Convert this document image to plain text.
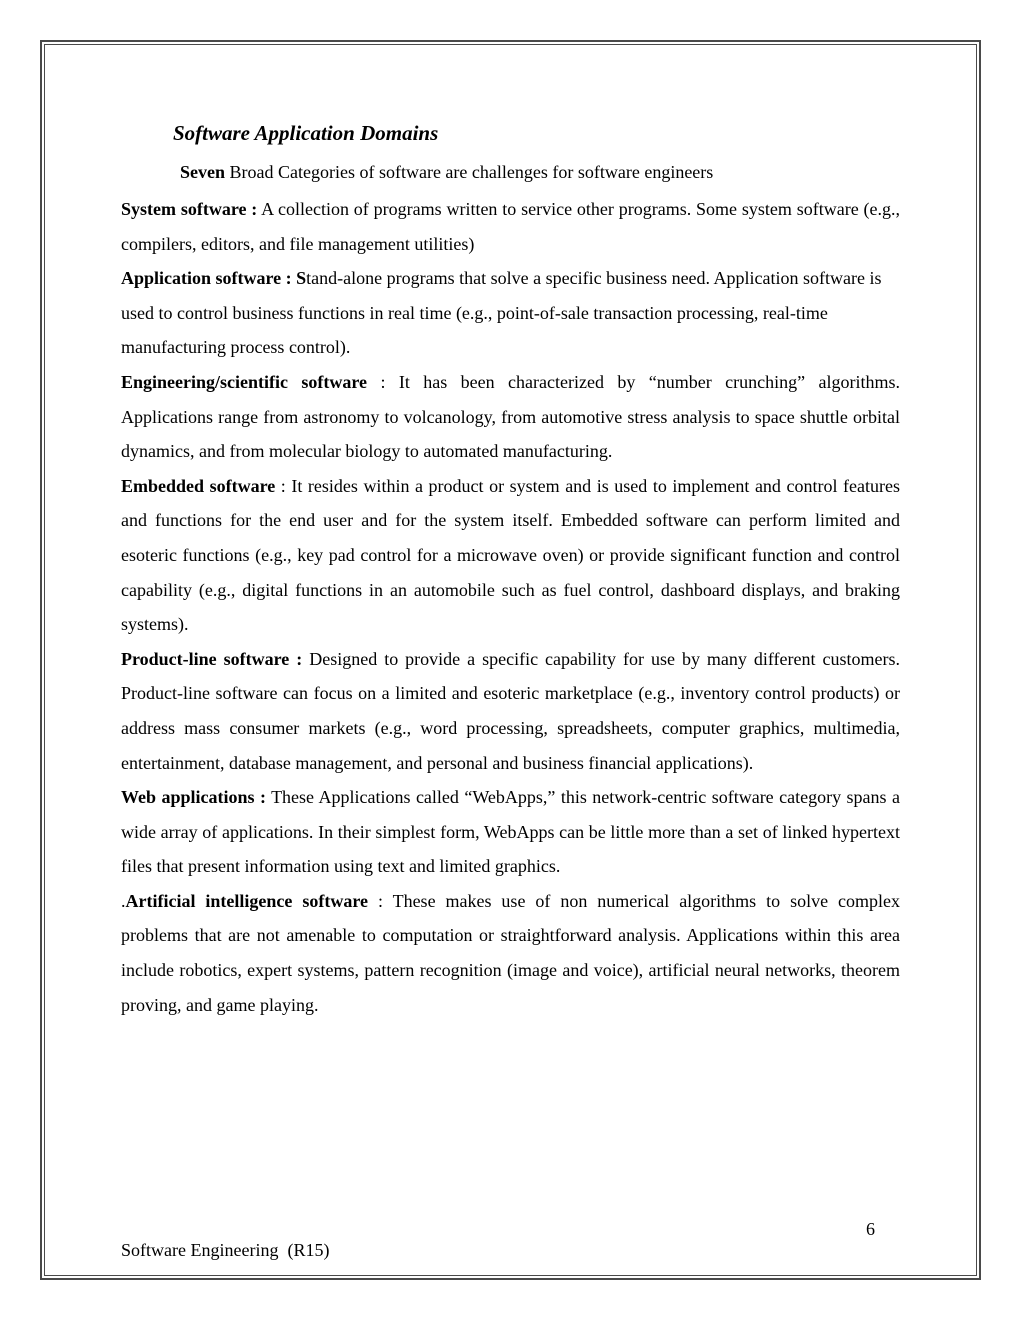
Software Application Domains

Seven Broad Categories of software are challenges for software engineers

System software : A collection of programs written to service other programs. Some system software (e.g., compilers, editors, and file management utilities)

Application software : Stand-alone programs that solve a specific business need. Application software is used to control business functions in real time (e.g., point-of-sale transaction processing, real-time manufacturing process control).

Engineering/scientific software : It has been characterized by “number crunching” algorithms. Applications range from astronomy to volcanology, from automotive stress analysis to space shuttle orbital dynamics, and from molecular biology to automated manufacturing.

Embedded software : It resides within a product or system and is used to implement and control features and functions for the end user and for the system itself. Embedded software can perform limited and esoteric functions (e.g., key pad control for a microwave oven) or provide significant function and control capability (e.g., digital functions in an automobile such as fuel control, dashboard displays, and braking systems).

Product-line software : Designed to provide a specific capability for use by many different customers. Product-line software can focus on a limited and esoteric marketplace (e.g., inventory control products) or address mass consumer markets (e.g., word processing, spreadsheets, computer graphics, multimedia, entertainment, database management, and personal and business financial applications).

Web applications : These Applications called “WebApps,” this network-centric software category spans a wide array of applications. In their simplest form, WebApps can be little more than a set of linked hypertext files that present information using text and limited graphics.

.Artificial intelligence software : These makes use of non numerical algorithms to solve complex problems that are not amenable to computation or straightforward analysis. Applications within this area include robotics, expert systems, pattern recognition (image and voice), artificial neural networks, theorem proving, and game playing.

6
Software Engineering  (R15)
